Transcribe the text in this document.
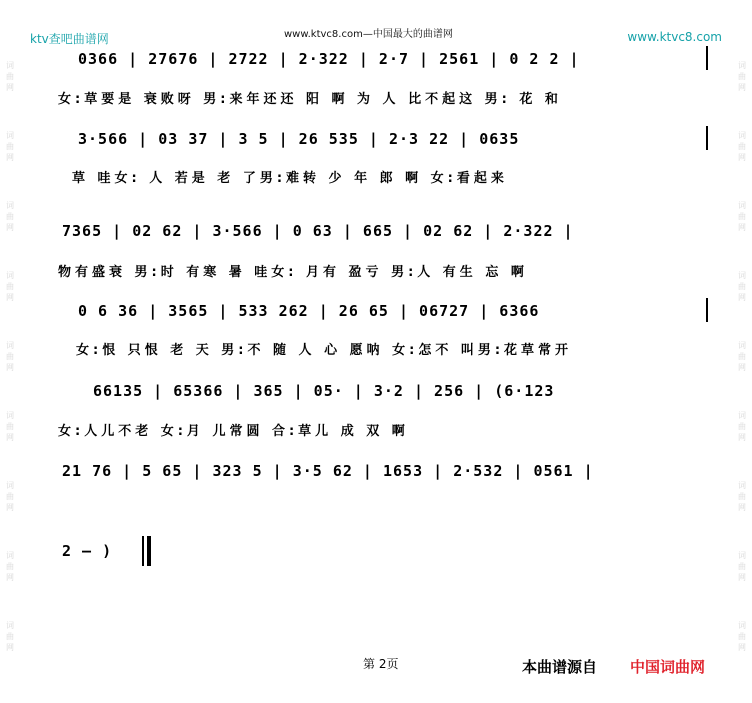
ktv查吧曲谱网	www.ktvc8.com—中国最大的曲谱网	www.ktvc8.com
词曲网
词曲网
词曲网
词曲网
词曲网
词曲网
词曲网
词曲网
词曲网
词曲网
词曲网
词曲网
词曲网
词曲网
词曲网
词曲网
词曲网
词曲网
0366 | 27676 | 2722 | 2·322 | 2·7 | 2561 | 0 2 2 |
女:草要是 衰败呀 男:来年还还 阳 啊 为 人 比不起这 男: 花 和
3·566 | 03 37 | 3 5 | 26 535 | 2·3 22 | 0635
草 哇女: 人 若是 老 了男:难转 少 年 郎 啊 女:看起来
7365 | 02 62 | 3·566 | 0 63 | 665 | 02 62 | 2·322 |
物有盛衰 男:时 有寒 暑 哇女: 月有 盈亏 男:人 有生 忘 啊
0 6 36 | 3565 | 533 262 | 26 65 | 06727 | 6366
女:恨 只恨 老 天 男:不 随 人 心 愿呐 女:怎不 叫男:花草常开
66135 | 65366 | 365 | 05· | 3·2 | 256 | (6·123
女:人儿不老 女:月 儿常圆 合:草儿 成 双 啊
21 76 | 5 65 | 323 5 | 3·5 62 | 1653 | 2·532 | 0561 |
2 – )
第 2页	本曲谱源自 中国词曲网
